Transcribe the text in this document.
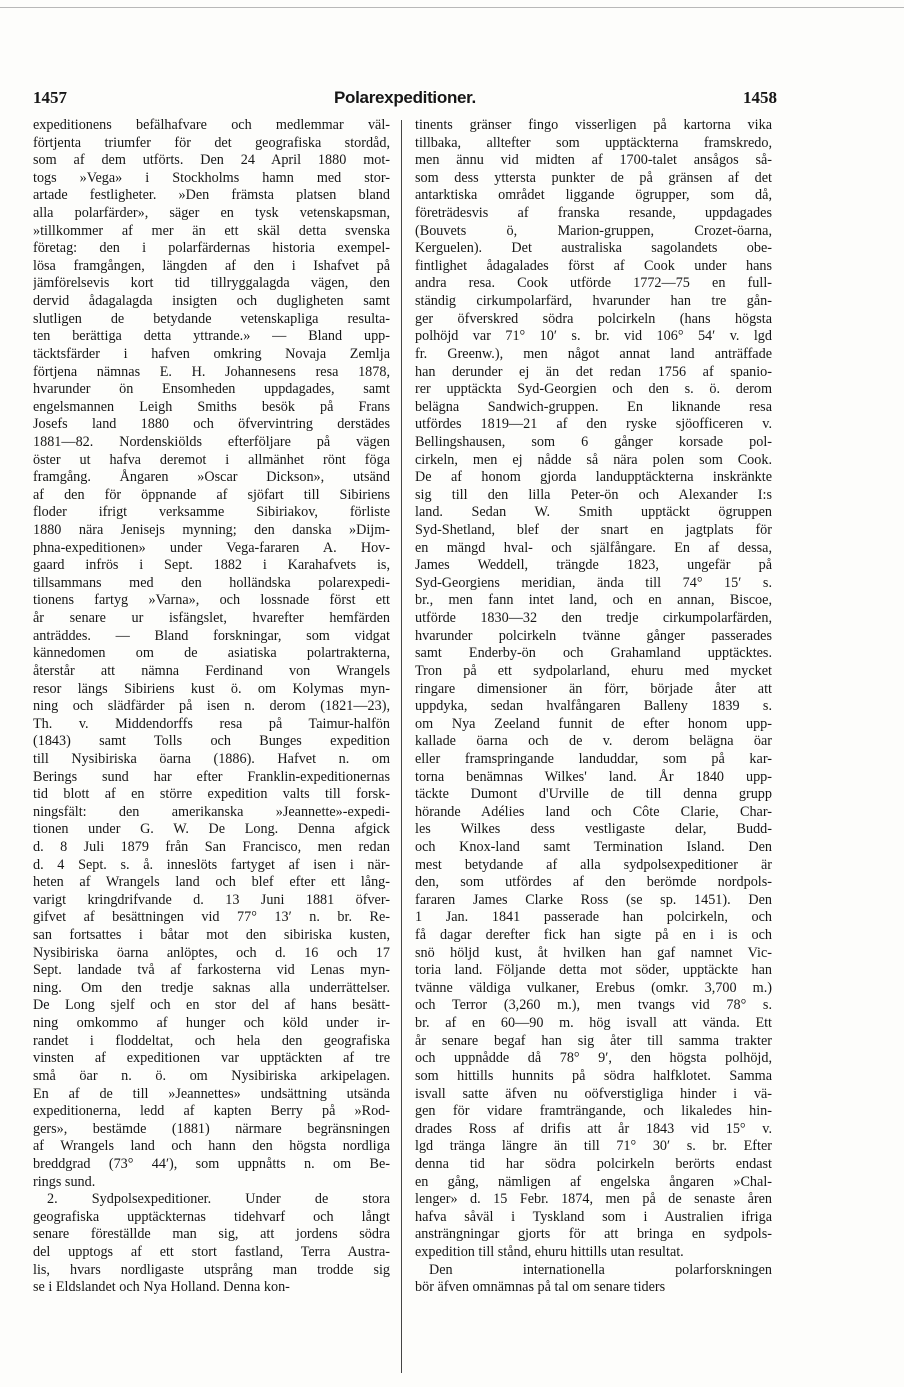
1457	Polarexpeditioner.	1458
expeditionens befälhafvare och medlemmar väl-
förtjenta triumfer för det geografiska stordåd,
som af dem utförts. Den 24 April 1880 mot-
togs »Vega» i Stockholms hamn med stor-
artade festligheter. »Den främsta platsen bland
alla polarfärder», säger en tysk vetenskapsman,
»tillkommer af mer än ett skäl detta svenska
företag: den i polarfärdernas historia exempel-
lösa framgången, längden af den i Ishafvet på
jämförelsevis kort tid tillryggalagda vägen, den
dervid ådagalagda insigten och dugligheten samt
slutligen de betydande vetenskapliga resulta-
ten berättiga detta yttrande.» — Bland upp-
täcktsfärder i hafven omkring Novaja Zemlja
förtjena nämnas E. H. Johannesens resa 1878,
hvarunder ön Ensomheden uppdagades, samt
engelsmannen Leigh Smiths besök på Frans
Josefs land 1880 och öfvervintring derstädes
1881—82. Nordenskiölds efterföljare på vägen
öster ut hafva deremot i allmänhet rönt föga
framgång. Ångaren »Oscar Dickson», utsänd
af den för öppnande af sjöfart till Sibiriens
floder ifrigt verksamme Sibiriakov, förliste
1880 nära Jenisejs mynning; den danska »Dijm-
phna-expeditionen» under Vega-fararen A. Hov-
gaard infrös i Sept. 1882 i Karahafvets is,
tillsammans med den holländska polarexpedi-
tionens fartyg »Varna», och lossnade först ett
år senare ur isfängslet, hvarefter hemfärden
anträddes. — Bland forskningar, som vidgat
kännedomen om de asiatiska polartrakterna,
återstår att nämna Ferdinand von Wrangels
resor längs Sibiriens kust ö. om Kolymas myn-
ning och slädfärder på isen n. derom (1821—23),
Th. v. Middendorffs resa på Taimur-halfön
(1843) samt Tolls och Bunges expedition
till Nysibiriska öarna (1886). Hafvet n. om
Berings sund har efter Franklin-expeditionernas
tid blott af en större expedition valts till forsk-
ningsfält: den amerikanska »Jeannette»-expedi-
tionen under G. W. De Long. Denna afgick
d. 8 Juli 1879 från San Francisco, men redan
d. 4 Sept. s. å. inneslöts fartyget af isen i när-
heten af Wrangels land och blef efter ett lång-
varigt kringdrifvande d. 13 Juni 1881 öfver-
gifvet af besättningen vid 77° 13′ n. br. Re-
san fortsattes i båtar mot den sibiriska kusten,
Nysibiriska öarna anlöptes, och d. 16 och 17
Sept. landade två af farkosterna vid Lenas myn-
ning. Om den tredje saknas alla underrättelser.
De Long sjelf och en stor del af hans besätt-
ning omkommo af hunger och köld under ir-
randet i floddeltat, och hela den geografiska
vinsten af expeditionen var upptäckten af tre
små öar n. ö. om Nysibiriska arkipelagen.
En af de till »Jeannettes» undsättning utsända
expeditionerna, ledd af kapten Berry på »Rod-
gers», bestämde (1881) närmare begränsningen
af Wrangels land och hann den högsta nordliga
breddgrad (73° 44′), som uppnåtts n. om Be-
rings sund.
2. Sydpolsexpeditioner. Under de stora
geografiska upptäckternas tidehvarf och långt
senare föreställde man sig, att jordens södra
del upptogs af ett stort fastland, Terra Austra-
lis, hvars nordligaste utsprång man trodde sig
se i Eldslandet och Nya Holland. Denna kon-
tinents gränser fingo visserligen på kartorna vika
tillbaka, alltefter som upptäckterna framskredo,
men ännu vid midten af 1700-talet ansågos så-
som dess yttersta punkter de på gränsen af det
antarktiska området liggande ögrupper, som då,
företrädesvis af franska resande, uppdagades
(Bouvets ö, Marion-gruppen, Crozet-öarna,
Kerguelen). Det australiska sagolandets obe-
fintlighet ådagalades först af Cook under hans
andra resa. Cook utförde 1772—75 en full-
ständig cirkumpolarfärd, hvarunder han tre gån-
ger öfverskred södra polcirkeln (hans högsta
polhöjd var 71° 10′ s. br. vid 106° 54′ v. lgd
fr. Greenw.), men något annat land anträffade
han derunder ej än det redan 1756 af spanio-
rer upptäckta Syd-Georgien och den s. ö. derom
belägna Sandwich-gruppen. En liknande resa
utfördes 1819—21 af den ryske sjöofficeren v.
Bellingshausen, som 6 gånger korsade pol-
cirkeln, men ej nådde så nära polen som Cook.
De af honom gjorda landupptäckterna inskränkte
sig till den lilla Peter-ön och Alexander I:s
land. Sedan W. Smith upptäckt ögruppen
Syd-Shetland, blef der snart en jagtplats för
en mängd hval- och själfångare. En af dessa,
James Weddell, trängde 1823, ungefär på
Syd-Georgiens meridian, ända till 74° 15′ s.
br., men fann intet land, och en annan, Biscoe,
utförde 1830—32 den tredje cirkumpolarfärden,
hvarunder polcirkeln tvänne gånger passerades
samt Enderby-ön och Grahamland upptäcktes.
Tron på ett sydpolarland, ehuru med mycket
ringare dimensioner än förr, började åter att
uppdyka, sedan hvalfångaren Balleny 1839 s.
om Nya Zeeland funnit de efter honom upp-
kallade öarna och de v. derom belägna öar
eller framspringande landuddar, som på kar-
torna benämnas Wilkes' land. År 1840 upp-
täckte Dumont d'Urville de till denna grupp
hörande Adélies land och Côte Clarie, Char-
les Wilkes dess vestligaste delar, Budd-
och Knox-land samt Termination Island. Den
mest betydande af alla sydpolsexpeditioner är
den, som utfördes af den berömde nordpols-
fararen James Clarke Ross (se sp. 1451). Den
1 Jan. 1841 passerade han polcirkeln, och
få dagar derefter fick han sigte på en i is och
snö höljd kust, åt hvilken han gaf namnet Vic-
toria land. Följande detta mot söder, upptäckte han
tvänne väldiga vulkaner, Erebus (omkr. 3,700 m.)
och Terror (3,260 m.), men tvangs vid 78° s.
br. af en 60—90 m. hög isvall att vända. Ett
år senare begaf han sig åter till samma trakter
och uppnådde då 78° 9′, den högsta polhöjd,
som hittills hunnits på södra halfklotet. Samma
isvall satte äfven nu oöfverstigliga hinder i vä-
gen för vidare framträngande, och likaledes hin-
drades Ross af drifis att år 1843 vid 15° v.
lgd tränga längre än till 71° 30′ s. br. Efter
denna tid har södra polcirkeln berörts endast
en gång, nämligen af engelska ångaren »Chal-
lenger» d. 15 Febr. 1874, men på de senaste åren
hafva såväl i Tyskland som i Australien ifriga
ansträngningar gjorts för att bringa en sydpols-
expedition till stånd, ehuru hittills utan resultat.
Den internationella polarforskningen
bör äfven omnämnas på tal om senare tiders
